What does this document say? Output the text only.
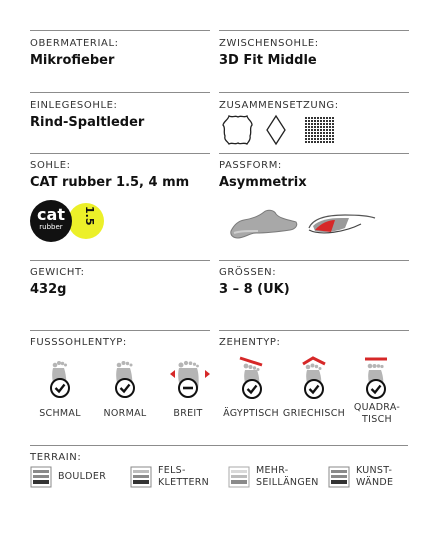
OBERMATERIAL:
Mikrofieber
ZWISCHENSOHLE:
3D Fit Middle
EINLEGESOHLE:
Rind-Spaltleder
ZUSAMMENSETZUNG:
SOHLE:
CAT rubber 1.5, 4 mm
PASSFORM:
Asymmetrix
1.5
cat
rubber
GEWICHT:
432g
GRÖSSEN:
3 – 8 (UK)
FUSSSOHLENTYP:	ZEHENTYP:
SCHMAL	NORMAL	BREIT	ÄGYPTISCH GRIECHISCH
QUADRA-
TISCH
TERRAIN:
BOULDER
FELS-
KLETTERN
MEHR-
SEILLÄNGEN
KUNST-
WÄNDE
